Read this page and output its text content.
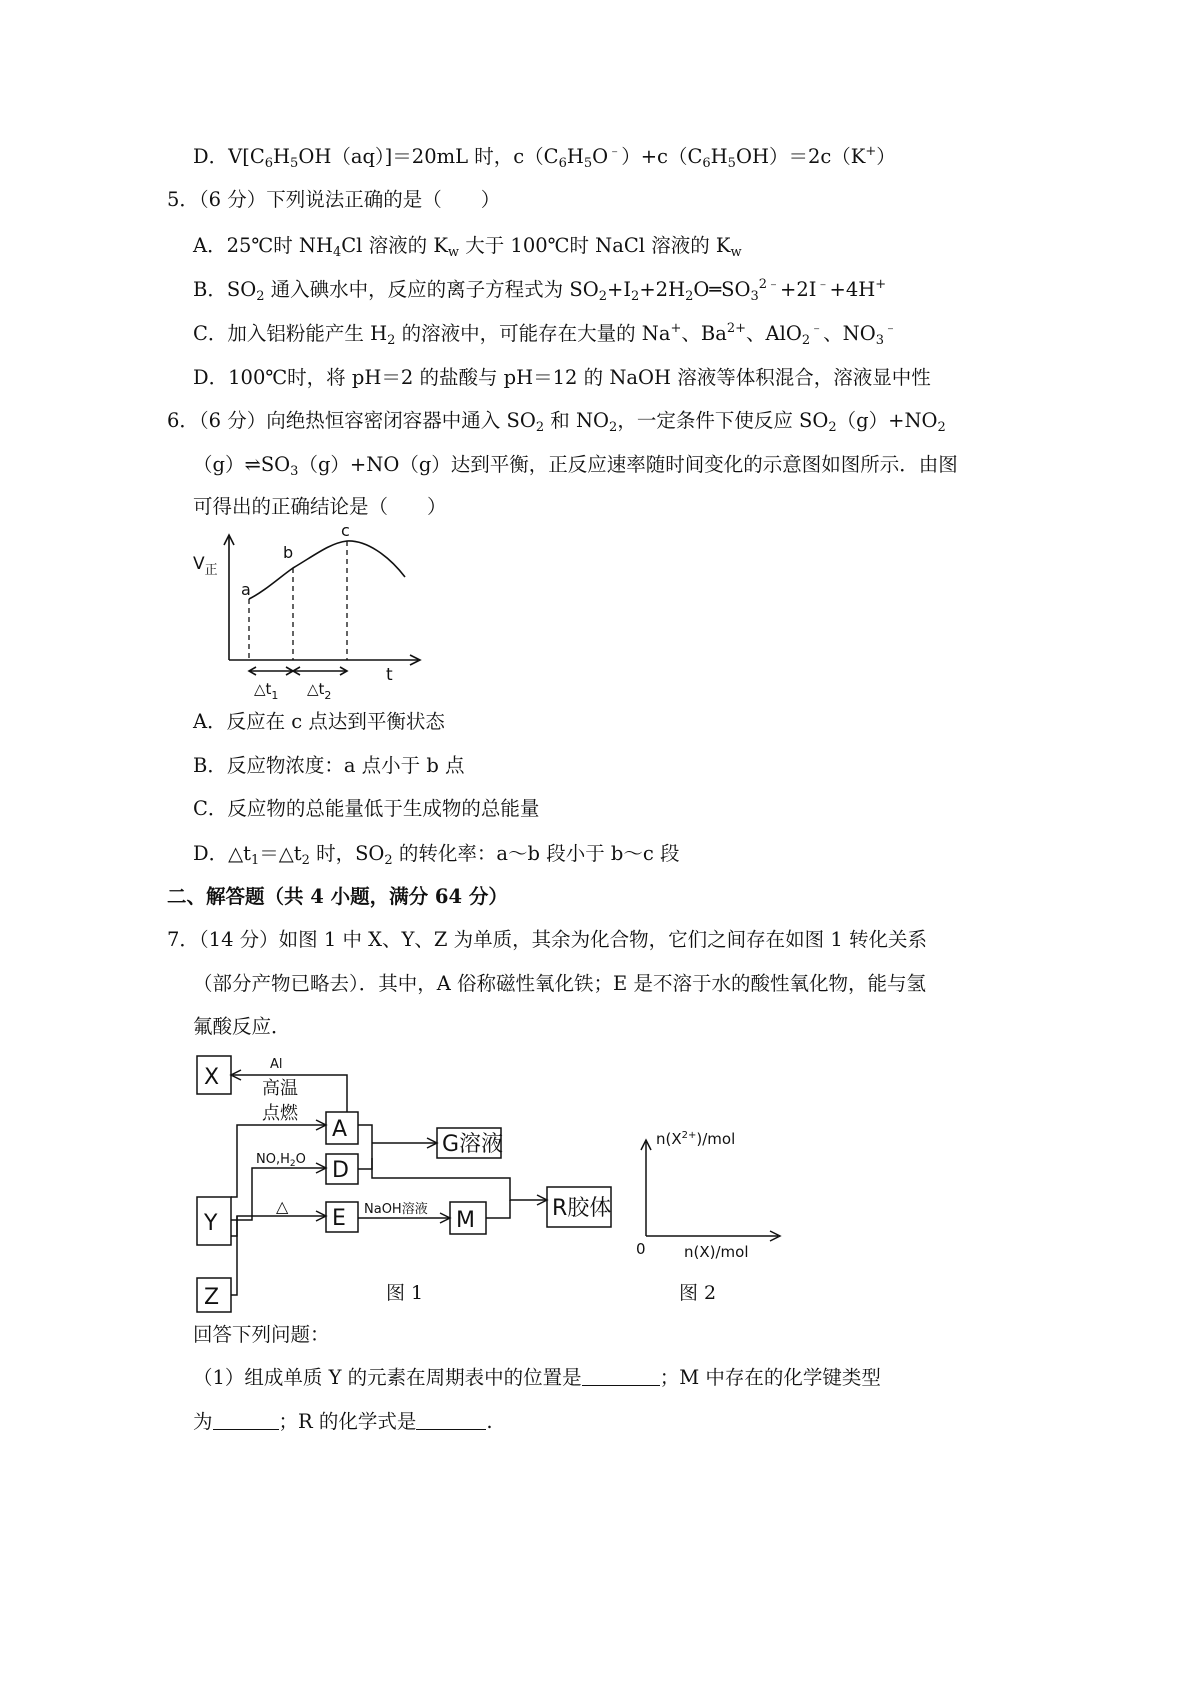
D．$V[C_6H_5OH(aq)]=20mL$ 时，$c(C_6H_5O^﹣)+c(C_6H_5OH)=2c(K^+)$
5．（6 分）下列说法正确的是（　　）
A．25℃时 $NH_4Cl$ 溶液的 $K_w$ 大于 100℃时 NaCl 溶液的 $K_w$
B．$SO_2$ 通入碘水中，反应的离子方程式为 $SO_2+I_2+2H_2O═SO_3^{2﹣}+2I^﹣+4H^+$
C．加入铝粉能产生 $H_2$ 的溶液中，可能存在大量的 Na+、$Ba^{2+}$、AlO$_2$﹣、$NO_3^﹣$
D．100℃时，将 pH＝2 的盐酸与 pH＝12 的 NaOH 溶液等体积混合，溶液显中性
6．（6 分）向绝热恒容密闭容器中通入 $SO_2$ 和 $NO_2$，一定条件下使反应 $SO_2(g)+NO_2$
$(g)\rightleftharpoons SO_3(g)+NO(g)$达到平衡，正反应速率随时间变化的示意图如图所示．由图
可得出的正确结论是（　　）
$V_正$
a
b
c
t
$\triangle t_1$ $\triangle t_2$
A．反应在 c 点达到平衡状态
B．反应物浓度：a 点小于 b 点
C．反应物的总能量低于生成物的总能量
D．$\triangle t_1=\triangle t_2$ 时，$SO_2$ 的转化率：a～b 段小于 b～c 段
二、解答题（共 4 小题，满分 64 分）
7．（14 分）如图 1 中 X、Y、Z 为单质，其余为化合物，它们之间存在如图 1 转化关系
（部分产物已略去）．其中，A 俗称磁性氧化铁；E 是不溶于水的酸性氧化物，能与氢
氟酸反应．
X
Y
Z
A
D
E	M
G溶液
R胶体
Al
高温
点燃
$NO,H_2O$
△	NaOH溶液
图 1
$n(X^{2+})$/mol
n(X)/mol
0
图 2
回答下列问题：
（1）组成单质 Y 的元素在周期表中的位置是	；M 中存在的化学键类型
为	；R 的化学式是	.
